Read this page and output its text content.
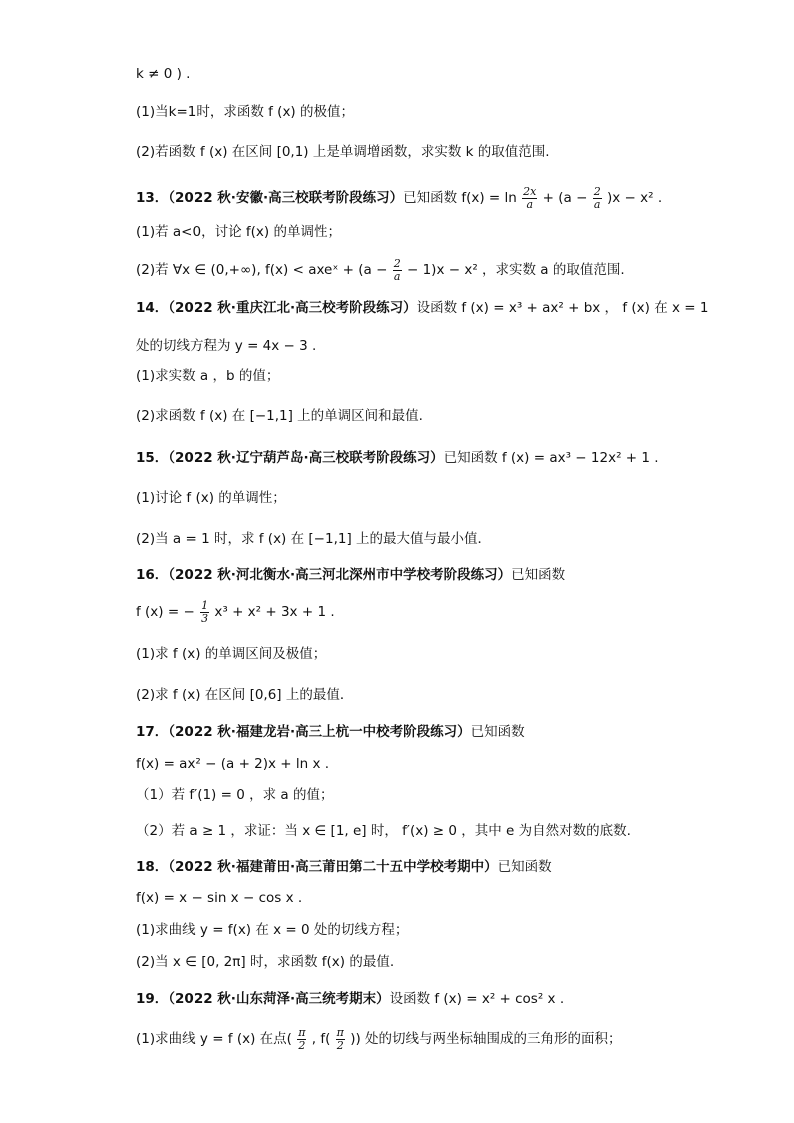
k ≠ 0 ) .
(1)当k=1时，求函数 f (x) 的极值；
(2)若函数 f (x) 在区间 [0,1) 上是单调增函数，求实数 k 的取值范围.
(1)若 a<0，讨论 f(x) 的单调性；
14．（2022 秋·重庆江北·高三校考阶段练习）设函数 f (x) = x³ + ax² + bx ， f (x) 在 x = 1
处的切线方程为 y = 4x − 3 .
(1)求实数 a ，b 的值；
(2)求函数 f (x) 在 [−1,1] 上的单调区间和最值.
15．（2022 秋·辽宁葫芦岛·高三校联考阶段练习）已知函数 f (x) = ax³ − 12x² + 1 .
(1)讨论 f (x) 的单调性；
(2)当 a = 1 时，求 f (x) 在 [−1,1] 上的最大值与最小值．
16．（2022 秋·河北衡水·高三河北深州市中学校考阶段练习）已知函数
(1)求 f (x) 的单调区间及极值；
(2)求 f (x) 在区间 [0,6] 上的最值．
17．（2022 秋·福建龙岩·高三上杭一中校考阶段练习）已知函数
f(x) = ax² − (a + 2)x + ln x .
（1）若 f′(1) = 0 ，求 a 的值；
（2）若 a ≥ 1 ，求证：当 x ∈ [1, e] 时， f′(x) ≥ 0 ，其中 e 为自然对数的底数.
18．（2022 秋·福建莆田·高三莆田第二十五中学校考期中）已知函数
f(x) = x − sin x − cos x .
(1)求曲线 y = f(x) 在 x = 0 处的切线方程；
(2)当 x ∈ [0, 2π] 时，求函数 f(x) 的最值.
19．（2022 秋·山东菏泽·高三统考期末）设函数 f (x) = x² + cos² x .
13．（2022 秋·安徽·高三校联考阶段练习）已知函数 $f(x) = \ln \frac{2x}{a} + (a - \frac{2}{a} )x - x^2$ .
(2)若 ∀x ∈ (0,+∞), f(x) < axeˣ + $(a - \frac{2}{a} - 1)x - x^2$ ，求实数 a 的取值范围.
f (x) = − $\frac{1}{3} x^3 + x^2 + 3x + 1$ .
(1)求曲线 y = f (x) 在点( $\frac{\pi}{2}$ , $f( \frac{\pi}{2}$ )) 处的切线与两坐标轴围成的三角形的面积；
